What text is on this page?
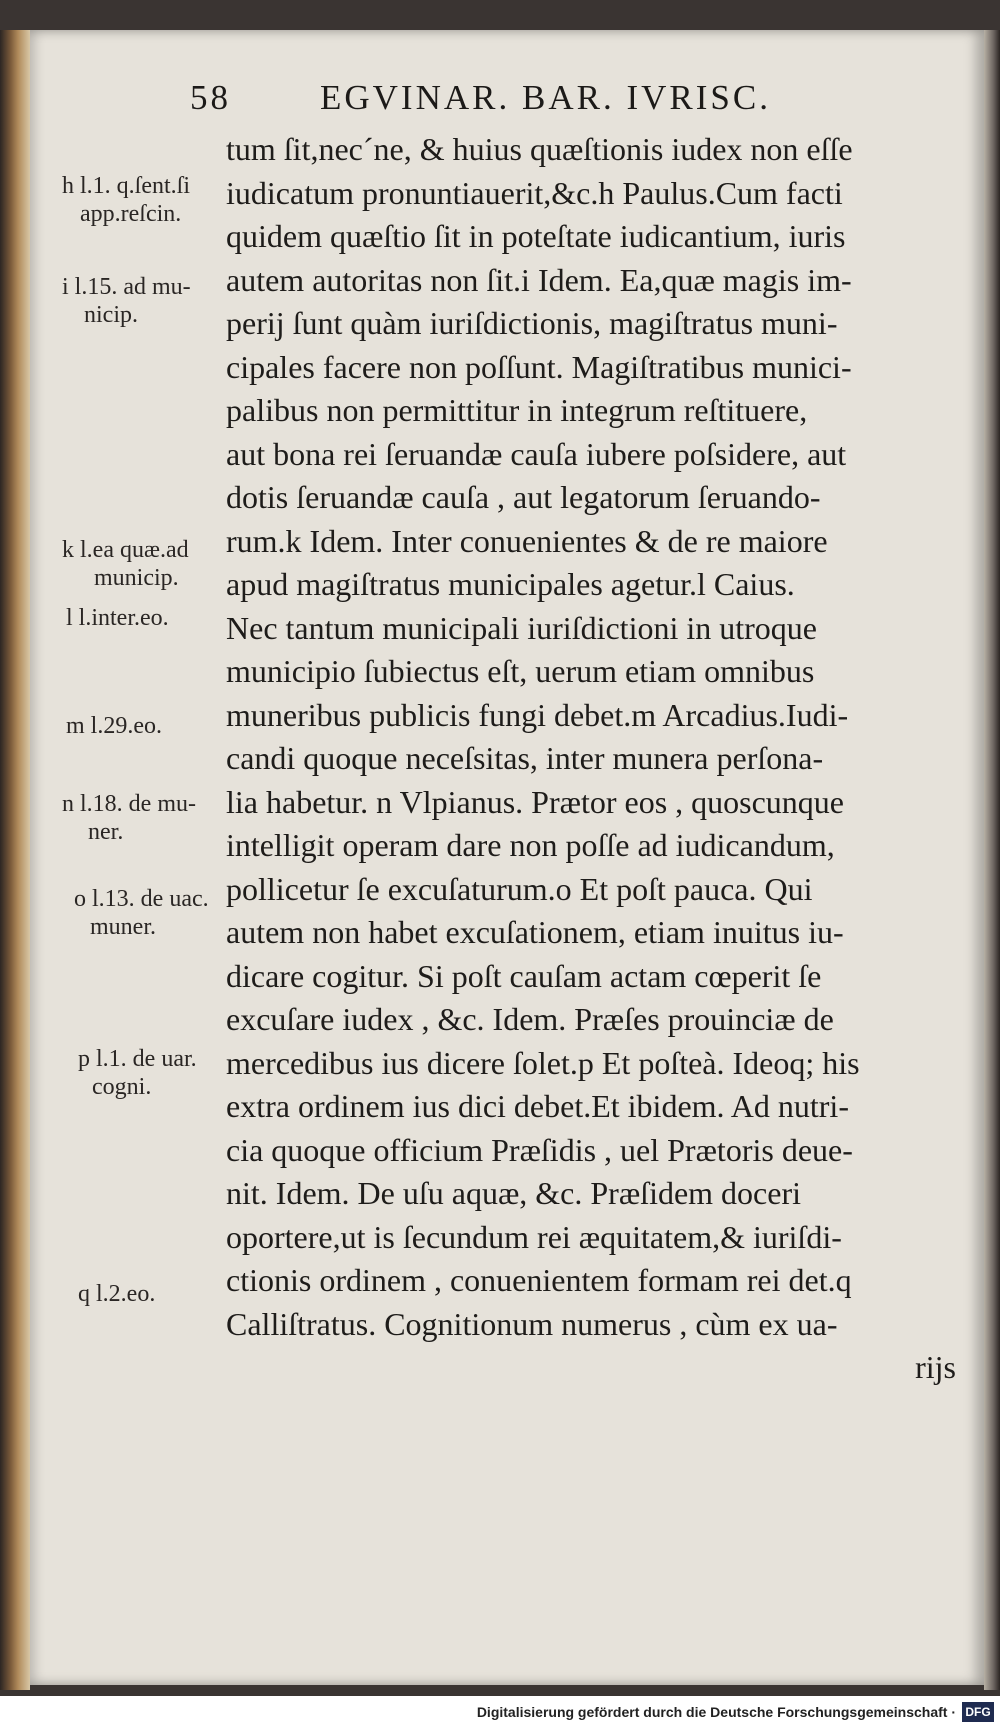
58	EGVINAR. BAR. IVRISC.
tum ſit,nec´ne, & huius quæſtionis iudex non eſſe
iudicatum pronuntiauerit,&c.h Paulus.Cum facti
quidem quæſtio ſit in poteſtate iudicantium, iuris
autem autoritas non ſit.i Idem. Ea,quæ magis im-
perij ſunt quàm iuriſdictionis, magiſtratus muni-
cipales facere non poſſunt. Magiſtratibus munici-
palibus non permittitur in integrum reſtituere,
aut bona rei ſeruandæ cauſa iubere poſsidere, aut
dotis ſeruandæ cauſa , aut legatorum ſeruando-
rum.k Idem. Inter conuenientes & de re maiore
apud magiſtratus municipales agetur.l Caius.
Nec tantum municipali iuriſdictioni in utroque
municipio ſubiectus eſt, uerum etiam omnibus
muneribus publicis fungi debet.m Arcadius.Iudi-
candi quoque neceſsitas, inter munera perſona-
lia habetur. n Vlpianus. Prætor eos , quoscunque
intelligit operam dare non poſſe ad iudicandum,
pollicetur ſe excuſaturum.o Et poſt pauca. Qui
autem non habet excuſationem, etiam inuitus iu-
dicare cogitur. Si poſt cauſam actam cœperit ſe
excuſare iudex , &c. Idem. Præſes prouinciæ de
mercedibus ius dicere ſolet.p Et poſteà. Ideoq; his
extra ordinem ius dici debet.Et ibidem. Ad nutri-
cia quoque officium Præſidis , uel Prætoris deue-
nit. Idem. De uſu aquæ, &c. Præſidem doceri
oportere,ut is ſecundum rei æquitatem,& iuriſdi-
ctionis ordinem , conuenientem formam rei det.q
Calliſtratus. Cognitionum numerus , cùm ex ua-
rijs
h l.1. q.ſent.ſi
app.reſcin.
i l.15. ad mu-
nicip.
k l.ea quæ.ad
municip.
l l.inter.eo.
m l.29.eo.
n l.18. de mu-
ner.
o l.13. de uac.
muner.
p l.1. de uar.
cogni.
q l.2.eo.
Digitalisierung gefördert durch die Deutsche Forschungsgemeinschaft · DFG
